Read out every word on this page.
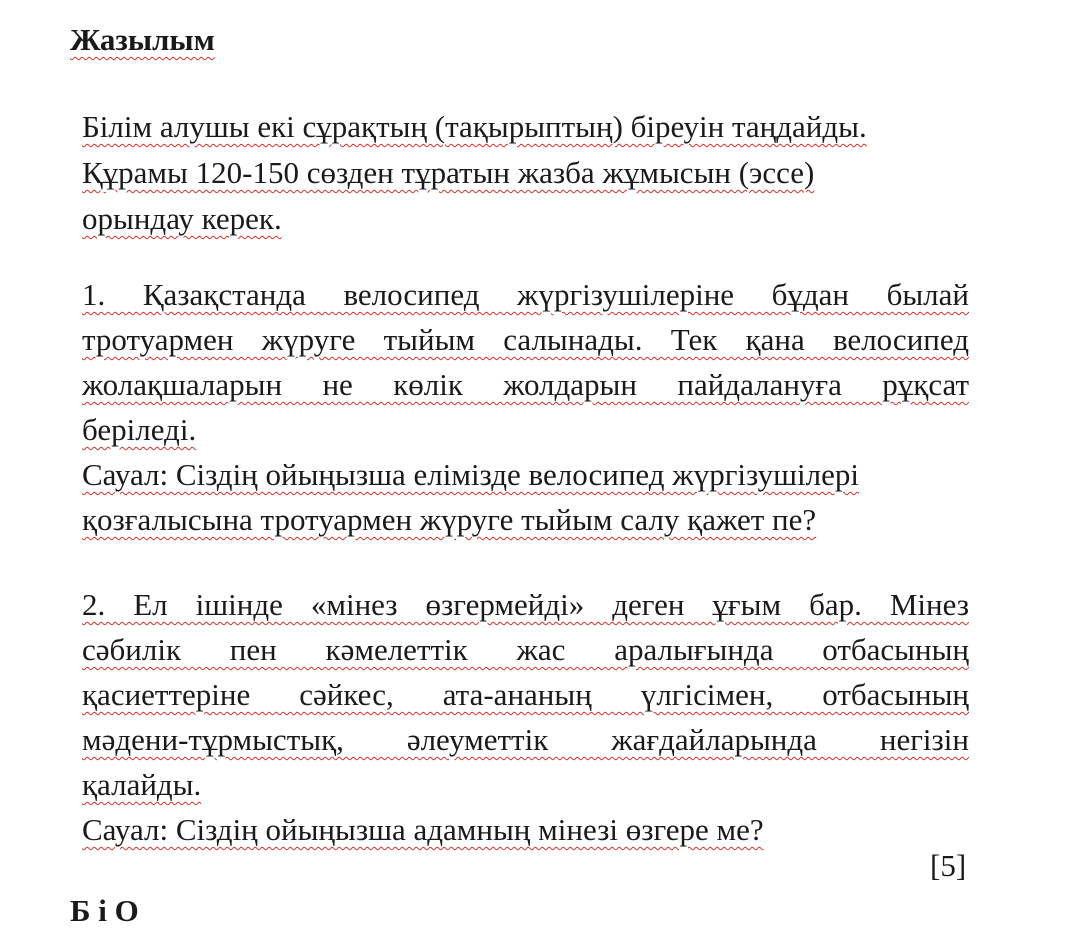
Жазылым

Білім алушы екі сұрақтың (тақырыптың) біреуін таңдайды.
Құрамы 120-150 сөзден тұратын жазба жұмысын (эссе)
орындау керек.

1. Қазақстанда велосипед жүргізушілеріне бұдан былай
тротуармен жүруге тыйым салынады. Тек қана велосипед
жолақшаларын не көлік жолдарын пайдалануға рұқсат
беріледі.
Сауал: Сіздің ойыңызша елімізде велосипед жүргізушілері
қозғалысына тротуармен жүруге тыйым салу қажет пе?
2. Ел ішінде «мінез өзгермейді» деген ұғым бар. Мінез
сәбилік пен кәмелеттік жас аралығында отбасының
қасиеттеріне сәйкес, ата-ананың үлгісімен, отбасының
мәдени-тұрмыстық, әлеуметтік жағдайларында негізін
қалайды.
Сауал: Сіздің ойыңызша адамның мінезі өзгере ме?

[5]

Б і О
